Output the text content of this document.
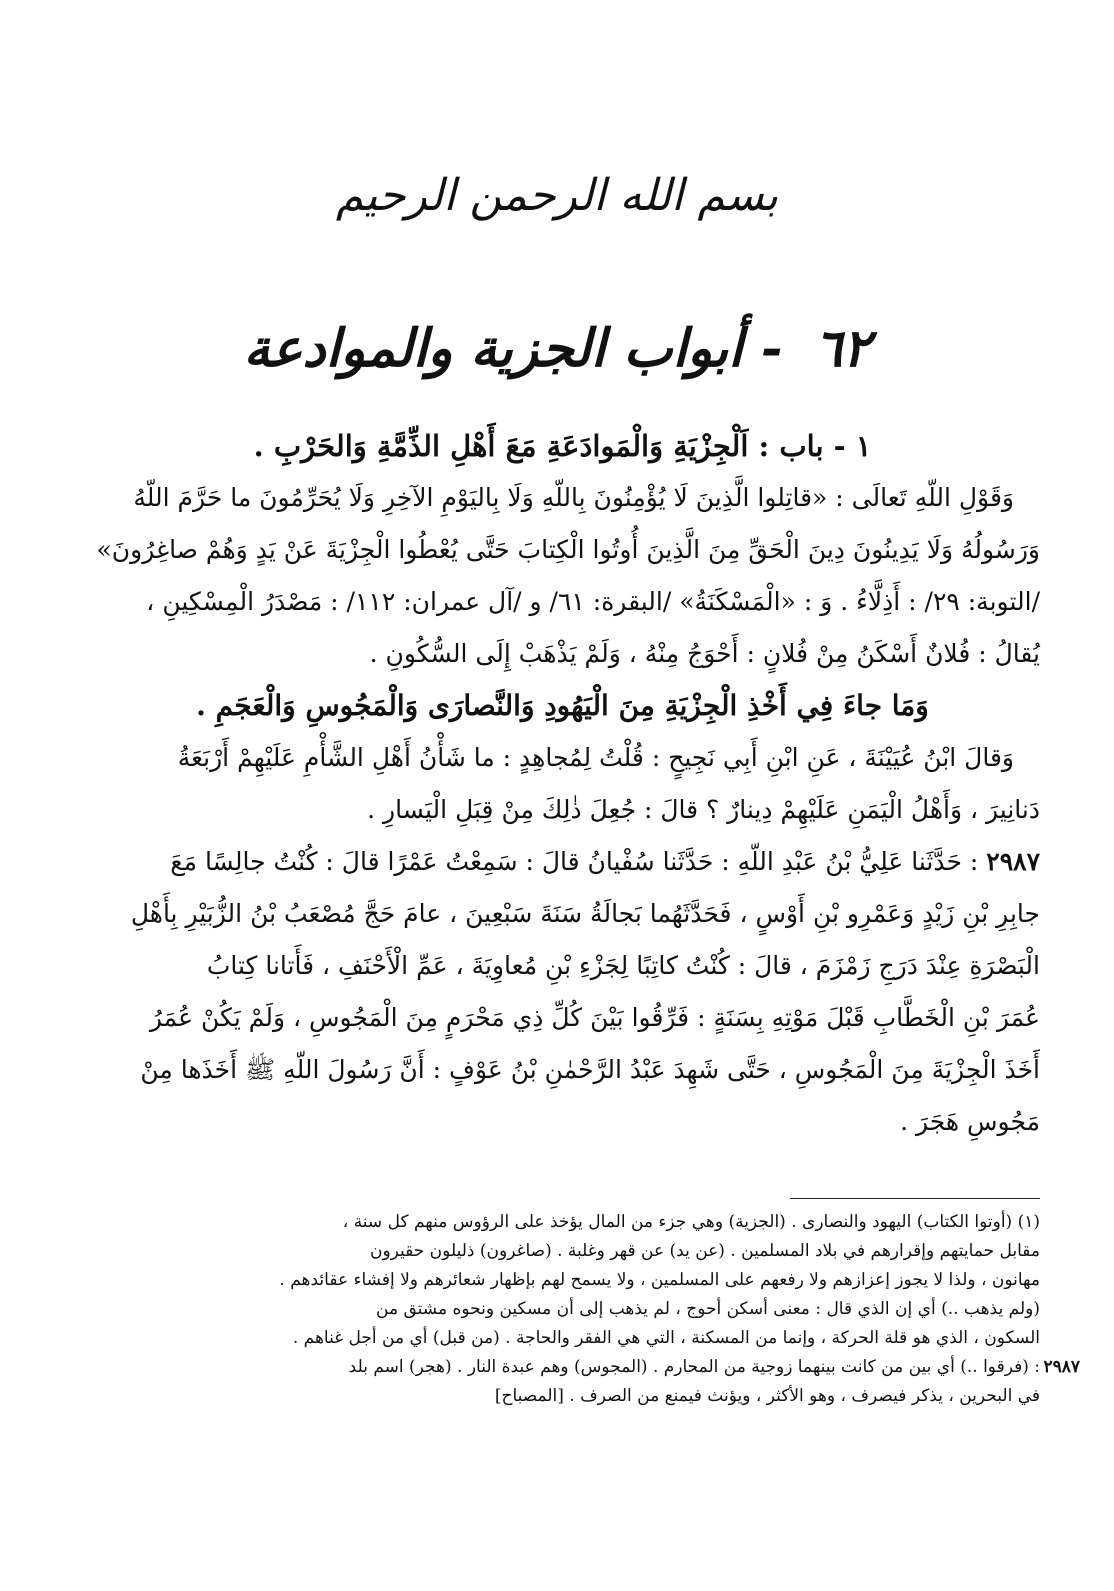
بسم الله الرحمن الرحيم
٦٢ - أبواب الجزية والموادعة
١ - باب : اَلْجِزْيَةِ وَالْمَوادَعَةِ مَعَ أَهْلِ الذِّمَّةِ وَالحَرْبِ .
وَقَوْلِ اللّهِ تَعالَى : «قاتِلوا الَّذِينَ لَا يُؤْمِنُونَ بِاللّهِ وَلَا بِاليَوْمِ الآخِرِ وَلَا يُحَرِّمُونَ ما حَرَّمَ اللّهُ
وَرَسُولُهُ وَلَا يَدِينُونَ دِينَ الْحَقِّ مِنَ الَّذِينَ أُوتُوا الْكِتابَ حَتَّى يُعْطُوا الْجِزْيَةَ عَنْ يَدٍ وَهُمْ صاغِرُونَ»
/التوبة: ٢٩/ : أَذِلَّاءُ . وَ : «الْمَسْكَنَةُ» /البقرة: ٦١/ و /آل عمران: ١١٢/ : مَصْدَرُ الْمِسْكِينِ ،
يُقالُ : فُلانٌ أَسْكَنُ مِنْ فُلانٍ : أَحْوَجُ مِنْهُ ، وَلَمْ يَذْهَبْ إِلَى السُّكُونِ .
وَمَا جاءَ فِي أَخْذِ الْجِزْيَةِ مِنَ الْيَهُودِ وَالنَّصارَى وَالْمَجُوسِ وَالْعَجَمِ .
وَقالَ ابْنُ عُيَيْنَةَ ، عَنِ ابْنِ أَبِي نَجِيحٍ : قُلْتُ لِمُجاهِدٍ : ما شَأْنُ أَهْلِ الشَّأْمِ عَلَيْهِمْ أَرْبَعَةُ
دَنانِيرَ ، وَأَهْلُ الْيَمَنِ عَلَيْهِمْ دِينارٌ ؟ قالَ : جُعِلَ ذٰلِكَ مِنْ قِبَلِ الْيَسارِ .
٢٩٨٧ : حَدَّثَنا عَلِيُّ بْنُ عَبْدِ اللّهِ : حَدَّثَنا سُفْيانُ قالَ : سَمِعْتُ عَمْرًا قالَ : كُنْتُ جالِسًا مَعَ
جابِرِ بْنِ زَيْدٍ وَعَمْرِو بْنِ أَوْسٍ ، فَحَدَّثَهُما بَجالَةُ سَنَةَ سَبْعِينَ ، عامَ حَجَّ مُصْعَبُ بْنُ الزُّبَيْرِ بِأَهْلِ
الْبَصْرَةِ عِنْدَ دَرَجِ زَمْزَمَ ، قالَ : كُنْتُ كاتِبًا لِجَزْءِ بْنِ مُعاوِيَةَ ، عَمِّ الْأَحْنَفِ ، فَأَتانا كِتابُ
عُمَرَ بْنِ الْخَطَّابِ قَبْلَ مَوْتِهِ بِسَنَةٍ : فَرِّقُوا بَيْنَ كُلِّ ذِي مَحْرَمٍ مِنَ الْمَجُوسِ ، وَلَمْ يَكُنْ عُمَرُ
أَخَذَ الْجِزْيَةَ مِنَ الْمَجُوسِ ، حَتَّى شَهِدَ عَبْدُ الرَّحْمٰنِ بْنُ عَوْفٍ : أَنَّ رَسُولَ اللّهِ ﷺ أَخَذَها مِنْ
مَجُوسِ هَجَرَ .
(١) (أوتوا الكتاب) اليهود والنصارى . (الجزية) وهي جزء من المال يؤخذ على الرؤوس منهم كل سنة ،
مقابل حمايتهم وإقرارهم في بلاد المسلمين . (عن يد) عن قهر وغلبة . (صاغرون) ذليلون حقيرون
مهانون ، ولذا لا يجوز إعزازهم ولا رفعهم على المسلمين ، ولا يسمح لهم بإظهار شعائرهم ولا إفشاء عقائدهم .
(ولم يذهب ..) أي إن الذي قال : معنى أسكن أحوج ، لم يذهب إلى أن مسكين ونحوه مشتق من
السكون ، الذي هو قلة الحركة ، وإنما من المسكنة ، التي هي الفقر والحاجة . (من قبل) أي من أجل غناهم .
٢٩٨٧
: (فرقوا ..) أي بين من كانت بينهما زوجية من المحارم . (المجوس) وهم عبدة النار . (هجر) اسم بلد
في البحرين ، يذكر فيصرف ، وهو الأكثر ، ويؤنث فيمنع من الصرف . [المصباح]
